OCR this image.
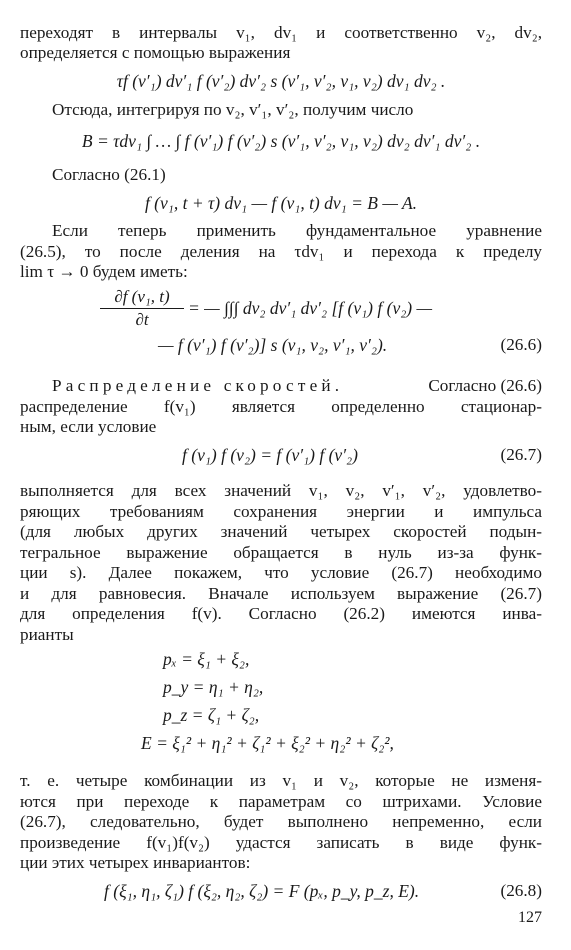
переходят в интервалы v₁, dv₁ и соответственно v₂, dv₂,
определяется с помощью выражения
τf (v′₁) dv′₁ f (v′₂) dv′₂ s (v′₁, v′₂, v₁, v₂) dv₁ dv₂ .
Отсюда, интегрируя по v₂, v′₁, v′₂, получим число
B = τdv₁ ∫ … ∫ f (v′₁) f (v′₂) s (v′₁, v′₂, v₁, v₂) dv₂ dv′₁ dv′₂ .
Согласно (26.1)
f (v₁, t + τ) dv₁ — f (v₁, t) dv₁ = B — A.
Если теперь применить фундаментальное уравнение
(26.5), то после деления на τdv₁ и перехода к пределу
lim τ → 0 будем иметь:
$\frac{\text{∂f (v₁, t)}}{\partial t}$ = — ∫∫∫ dv₂ dv′₁ dv′₂ [f (v₁) f (v₂) —
— f (v′₁) f (v′₂)] s (v₁, v₂, v′₁, v′₂).	(26.6)
Распределение скоростей.	Согласно (26.6)
распределение f(v₁) является определенно стационар-
ным, если условие
f (v₁) f (v₂) = f (v′₁) f (v′₂)	(26.7)
выполняется для всех значений v₁, v₂, v′₁, v′₂, удовлетво-
ряющих требованиям сохранения энергии и импульса
(для любых других значений четырех скоростей подын-
тегральное выражение обращается в нуль из-за функ-
ции s). Далее покажем, что условие (26.7) необходимо
и для равновесия. Вначале используем выражение (26.7)
для определения f(v). Согласно (26.2) имеются инва-
рианты
pₓ = ξ₁ + ξ₂,
p_y = η₁ + η₂,
p_z = ζ₁ + ζ₂,
E = ξ₁² + η₁² + ζ₁² + ξ₂² + η₂² + ζ₂²,
т. е. четыре комбинации из v₁ и v₂, которые не изменя-
ются при переходе к параметрам со штрихами. Условие
(26.7), следовательно, будет выполнено непременно, если
произведение f(v₁)f(v₂) удастся записать в виде функ-
ции этих четырех инвариантов:
f (ξ₁, η₁, ζ₁) f (ξ₂, η₂, ζ₂) = F (pₓ, p_y, p_z, E).	(26.8)
127
